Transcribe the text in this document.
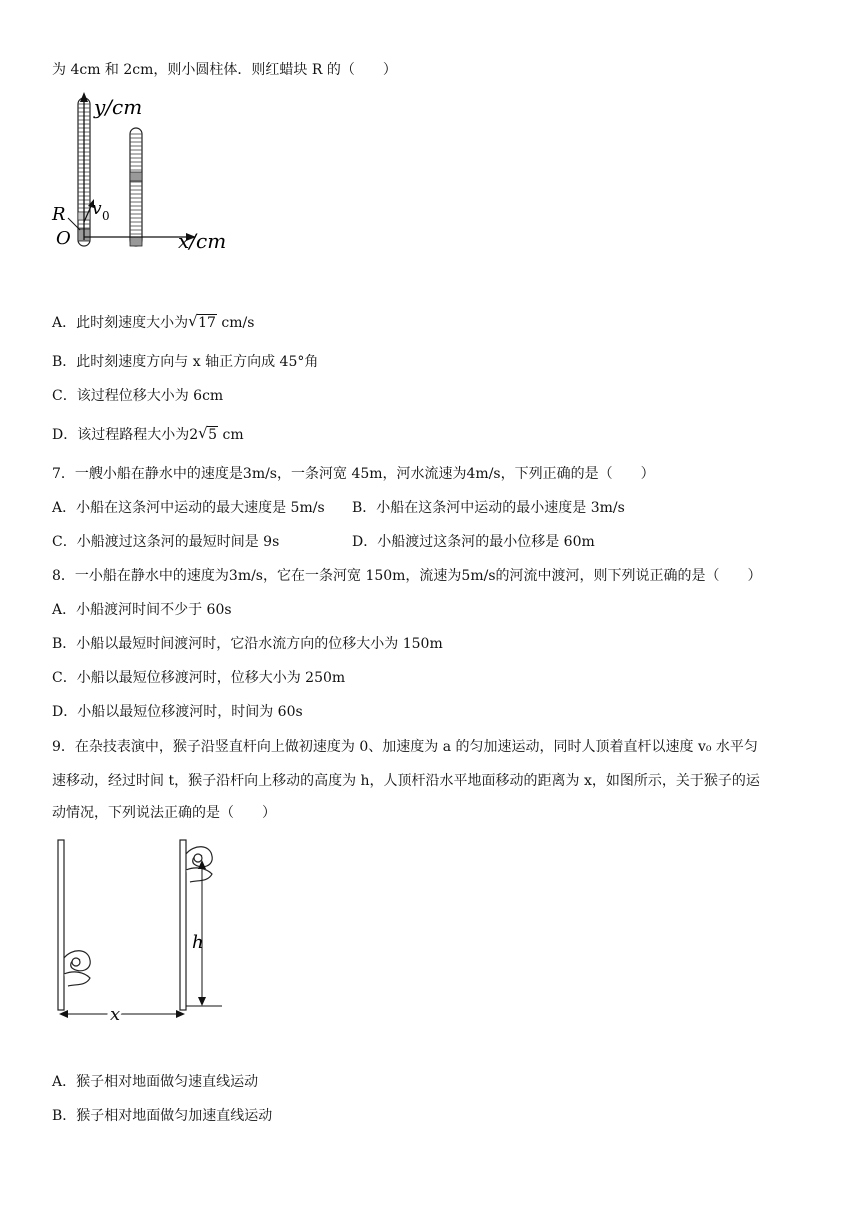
为 4cm 和 2cm，则小圆柱体．则红蜡块 R 的（　　）
y/cm
x/cm
O
R v 0
A．此时刻速度大小为 √ 17 cm/s
B．此时刻速度方向与 x 轴正方向成 45°角
C．该过程位移大小为 6cm
D．该过程路程大小为2 √ 5 cm
7．一艘小船在静水中的速度是3m/s，一条河宽 45m，河水流速为4m/s，下列正确的是（　　）
A．小船在这条河中运动的最大速度是 5m/s B．小船在这条河中运动的最小速度是 3m/s
C．小船渡过这条河的最短时间是 9s	D．小船渡过这条河的最小位移是 60m
8．一小船在静水中的速度为3m/s，它在一条河宽 150m，流速为5m/s的河流中渡河，则下列说正确的是（　　）
A．小船渡河时间不少于 60s
B．小船以最短时间渡河时，它沿水流方向的位移大小为 150m
C．小船以最短位移渡河时，位移大小为 250m
D．小船以最短位移渡河时，时间为 60s
9．在杂技表演中，猴子沿竖直杆向上做初速度为 0、加速度为 a 的匀加速运动，同时人顶着直杆以速度 v₀ 水平匀
速移动，经过时间 t，猴子沿杆向上移动的高度为 h，人顶杆沿水平地面移动的距离为 x，如图所示，关于猴子的运
动情况，下列说法正确的是（　　）
h
x
A．猴子相对地面做匀速直线运动
B．猴子相对地面做匀加速直线运动
